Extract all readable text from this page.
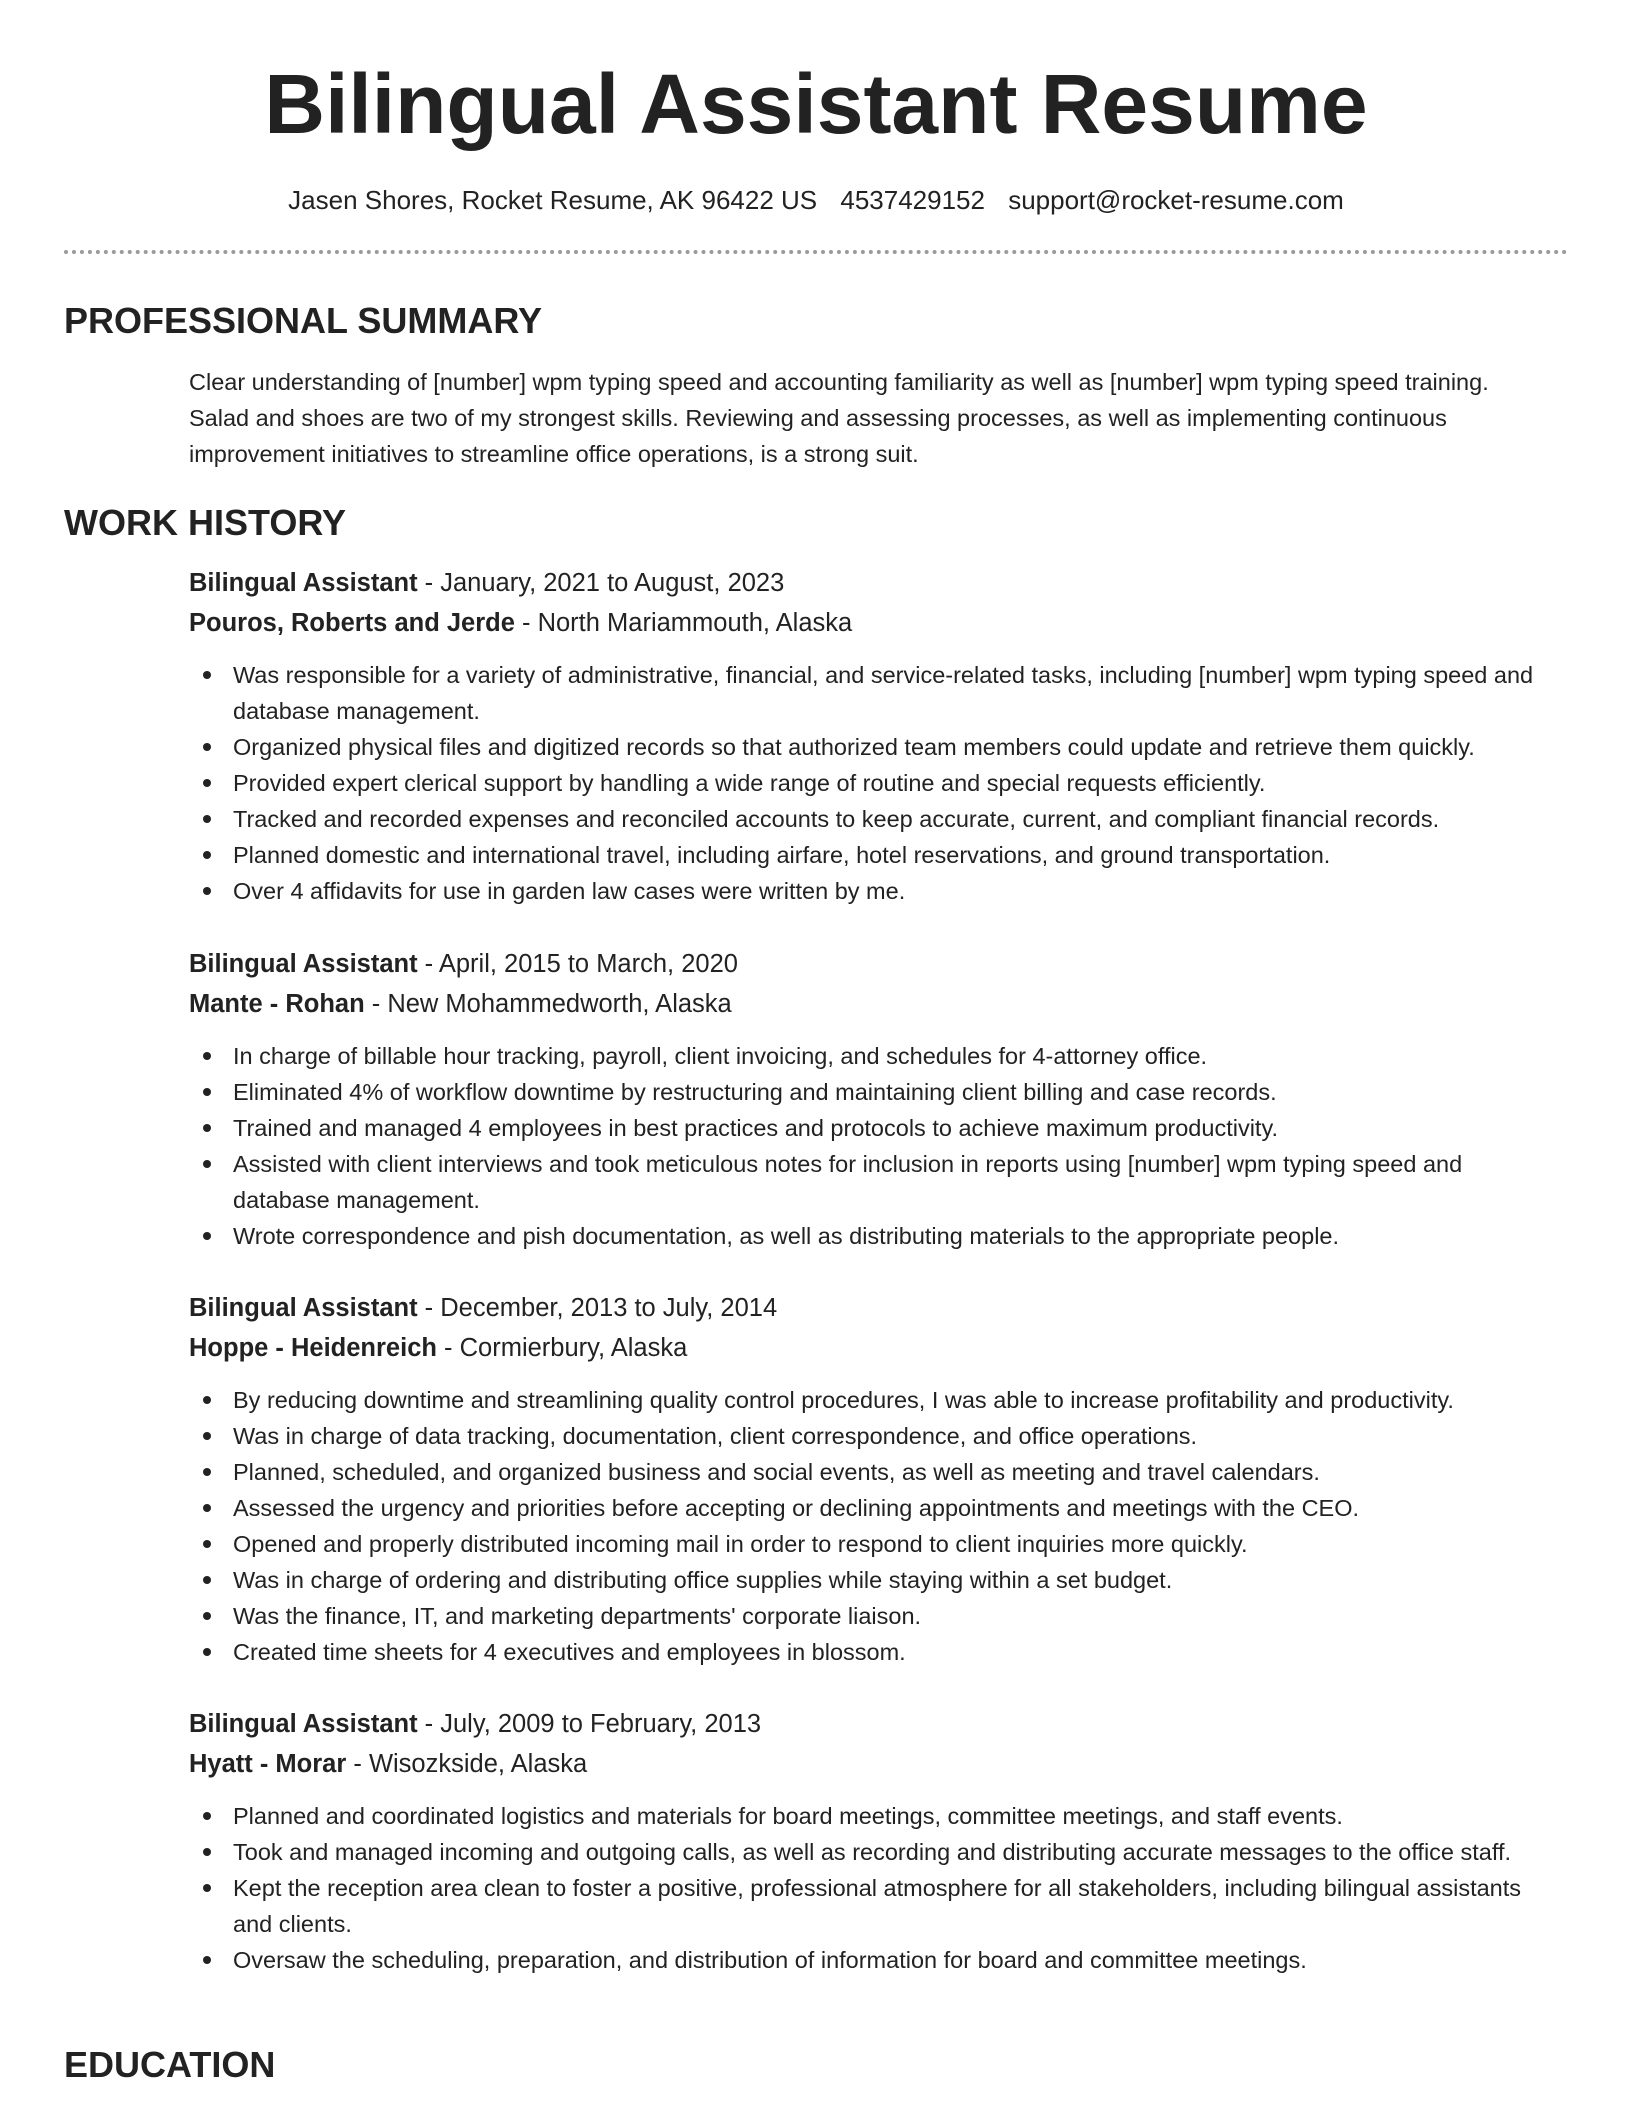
Bilingual Assistant Resume
Jasen Shores, Rocket Resume, AK 96422 US 4537429152 support@rocket-resume.com
PROFESSIONAL SUMMARY

Clear understanding of [number] wpm typing speed and accounting familiarity as well as [number] wpm typing speed training. Salad and shoes are two of my strongest skills. Reviewing and assessing processes, as well as implementing continuous improvement initiatives to streamline office operations, is a strong suit.

WORK HISTORY

Bilingual Assistant - January, 2021 to August, 2023

Pouros, Roberts and Jerde - North Mariammouth, Alaska

Was responsible for a variety of administrative, financial, and service-related tasks, including [number] wpm typing speed and database management.
Organized physical files and digitized records so that authorized team members could update and retrieve them quickly.
Provided expert clerical support by handling a wide range of routine and special requests efficiently.
Tracked and recorded expenses and reconciled accounts to keep accurate, current, and compliant financial records.
Planned domestic and international travel, including airfare, hotel reservations, and ground transportation.
Over 4 affidavits for use in garden law cases were written by me.

Bilingual Assistant - April, 2015 to March, 2020

Mante - Rohan - New Mohammedworth, Alaska

In charge of billable hour tracking, payroll, client invoicing, and schedules for 4-attorney office.
Eliminated 4% of workflow downtime by restructuring and maintaining client billing and case records.
Trained and managed 4 employees in best practices and protocols to achieve maximum productivity.
Assisted with client interviews and took meticulous notes for inclusion in reports using [number] wpm typing speed and database management.
Wrote correspondence and pish documentation, as well as distributing materials to the appropriate people.

Bilingual Assistant - December, 2013 to July, 2014

Hoppe - Heidenreich - Cormierbury, Alaska

By reducing downtime and streamlining quality control procedures, I was able to increase profitability and productivity.
Was in charge of data tracking, documentation, client correspondence, and office operations.
Planned, scheduled, and organized business and social events, as well as meeting and travel calendars.
Assessed the urgency and priorities before accepting or declining appointments and meetings with the CEO.
Opened and properly distributed incoming mail in order to respond to client inquiries more quickly.
Was in charge of ordering and distributing office supplies while staying within a set budget.
Was the finance, IT, and marketing departments' corporate liaison.
Created time sheets for 4 executives and employees in blossom.

Bilingual Assistant - July, 2009 to February, 2013

Hyatt - Morar - Wisozkside, Alaska

Planned and coordinated logistics and materials for board meetings, committee meetings, and staff events.
Took and managed incoming and outgoing calls, as well as recording and distributing accurate messages to the office staff.
Kept the reception area clean to foster a positive, professional atmosphere for all stakeholders, including bilingual assistants and clients.
Oversaw the scheduling, preparation, and distribution of information for board and committee meetings.
EDUCATION
